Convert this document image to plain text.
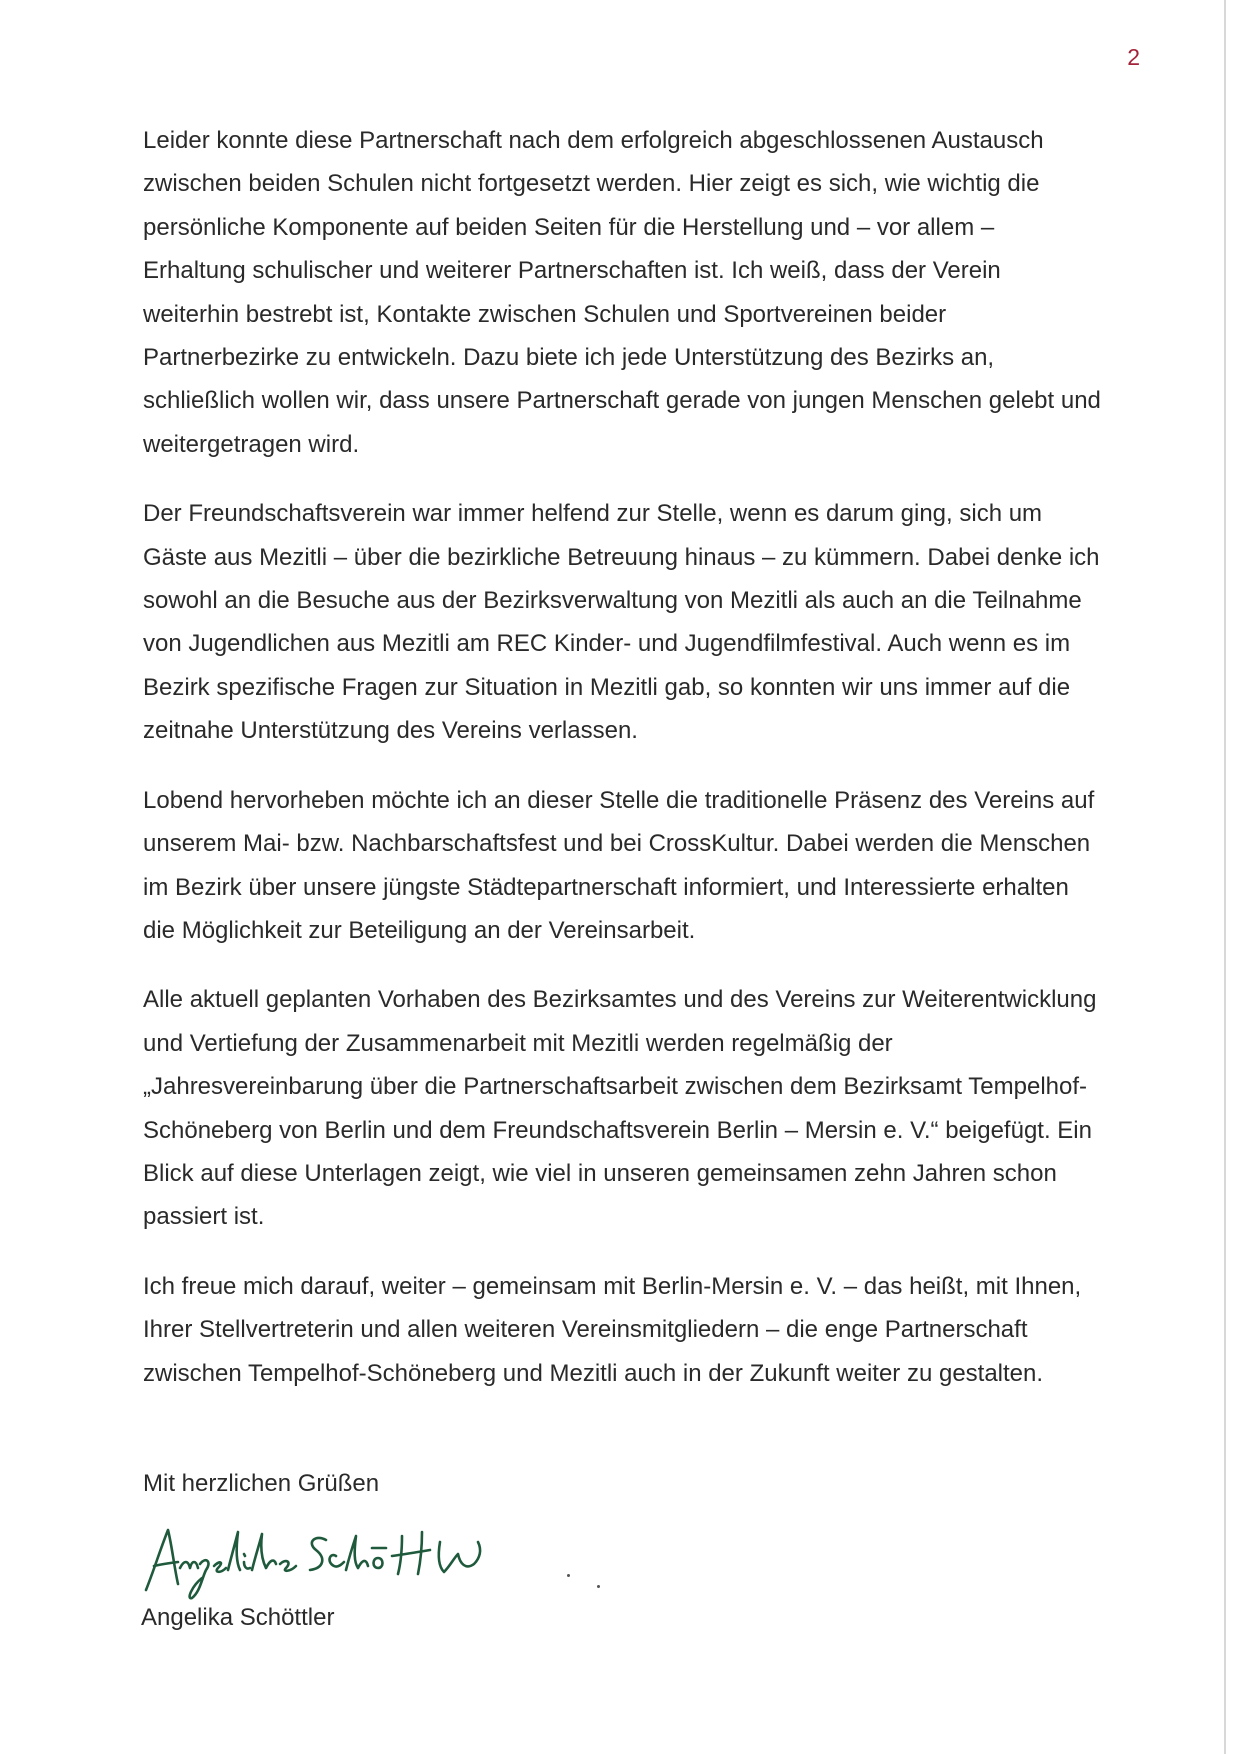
2

Leider konnte diese Partnerschaft nach dem erfolgreich abgeschlossenen Austausch zwischen beiden Schulen nicht fortgesetzt werden. Hier zeigt es sich, wie wichtig die persönliche Komponente auf beiden Seiten für die Herstellung und – vor allem – Erhaltung schulischer und weiterer Partnerschaften ist. Ich weiß, dass der Verein weiterhin bestrebt ist, Kontakte zwischen Schulen und Sportvereinen beider Partnerbezirke zu entwickeln. Dazu biete ich jede Unterstützung des Bezirks an, schließlich wollen wir, dass unsere Partnerschaft gerade von jungen Menschen gelebt und weitergetragen wird.

Der Freundschaftsverein war immer helfend zur Stelle, wenn es darum ging, sich um Gäste aus Mezitli – über die bezirkliche Betreuung hinaus – zu kümmern. Dabei denke ich sowohl an die Besuche aus der Bezirksverwaltung von Mezitli als auch an die Teilnahme von Jugendlichen aus Mezitli am REC Kinder- und Jugendfilmfestival. Auch wenn es im Bezirk spezifische Fragen zur Situation in Mezitli gab, so konnten wir uns immer auf die zeitnahe Unterstützung des Vereins verlassen.

Lobend hervorheben möchte ich an dieser Stelle die traditionelle Präsenz des Vereins auf unserem Mai- bzw. Nachbarschaftsfest und bei CrossKultur. Dabei werden die Menschen im Bezirk über unsere jüngste Städtepartnerschaft informiert, und Interessierte erhalten die Möglichkeit zur Beteiligung an der Vereinsarbeit.

Alle aktuell geplanten Vorhaben des Bezirksamtes und des Vereins zur Weiterentwicklung und Vertiefung der Zusammenarbeit mit Mezitli werden regelmäßig der „Jahresvereinbarung über die Partnerschaftsarbeit zwischen dem Bezirksamt Tempelhof-Schöneberg von Berlin und dem Freundschaftsverein Berlin – Mersin e. V.“ beigefügt. Ein Blick auf diese Unterlagen zeigt, wie viel in unseren gemeinsamen zehn Jahren schon passiert ist.

Ich freue mich darauf, weiter – gemeinsam mit Berlin-Mersin e. V. – das heißt, mit Ihnen, Ihrer Stellvertreterin und allen weiteren Vereinsmitgliedern – die enge Partnerschaft zwischen Tempelhof-Schöneberg und Mezitli auch in der Zukunft weiter zu gestalten.

Mit herzlichen Grüßen
Angelika Schöttler
